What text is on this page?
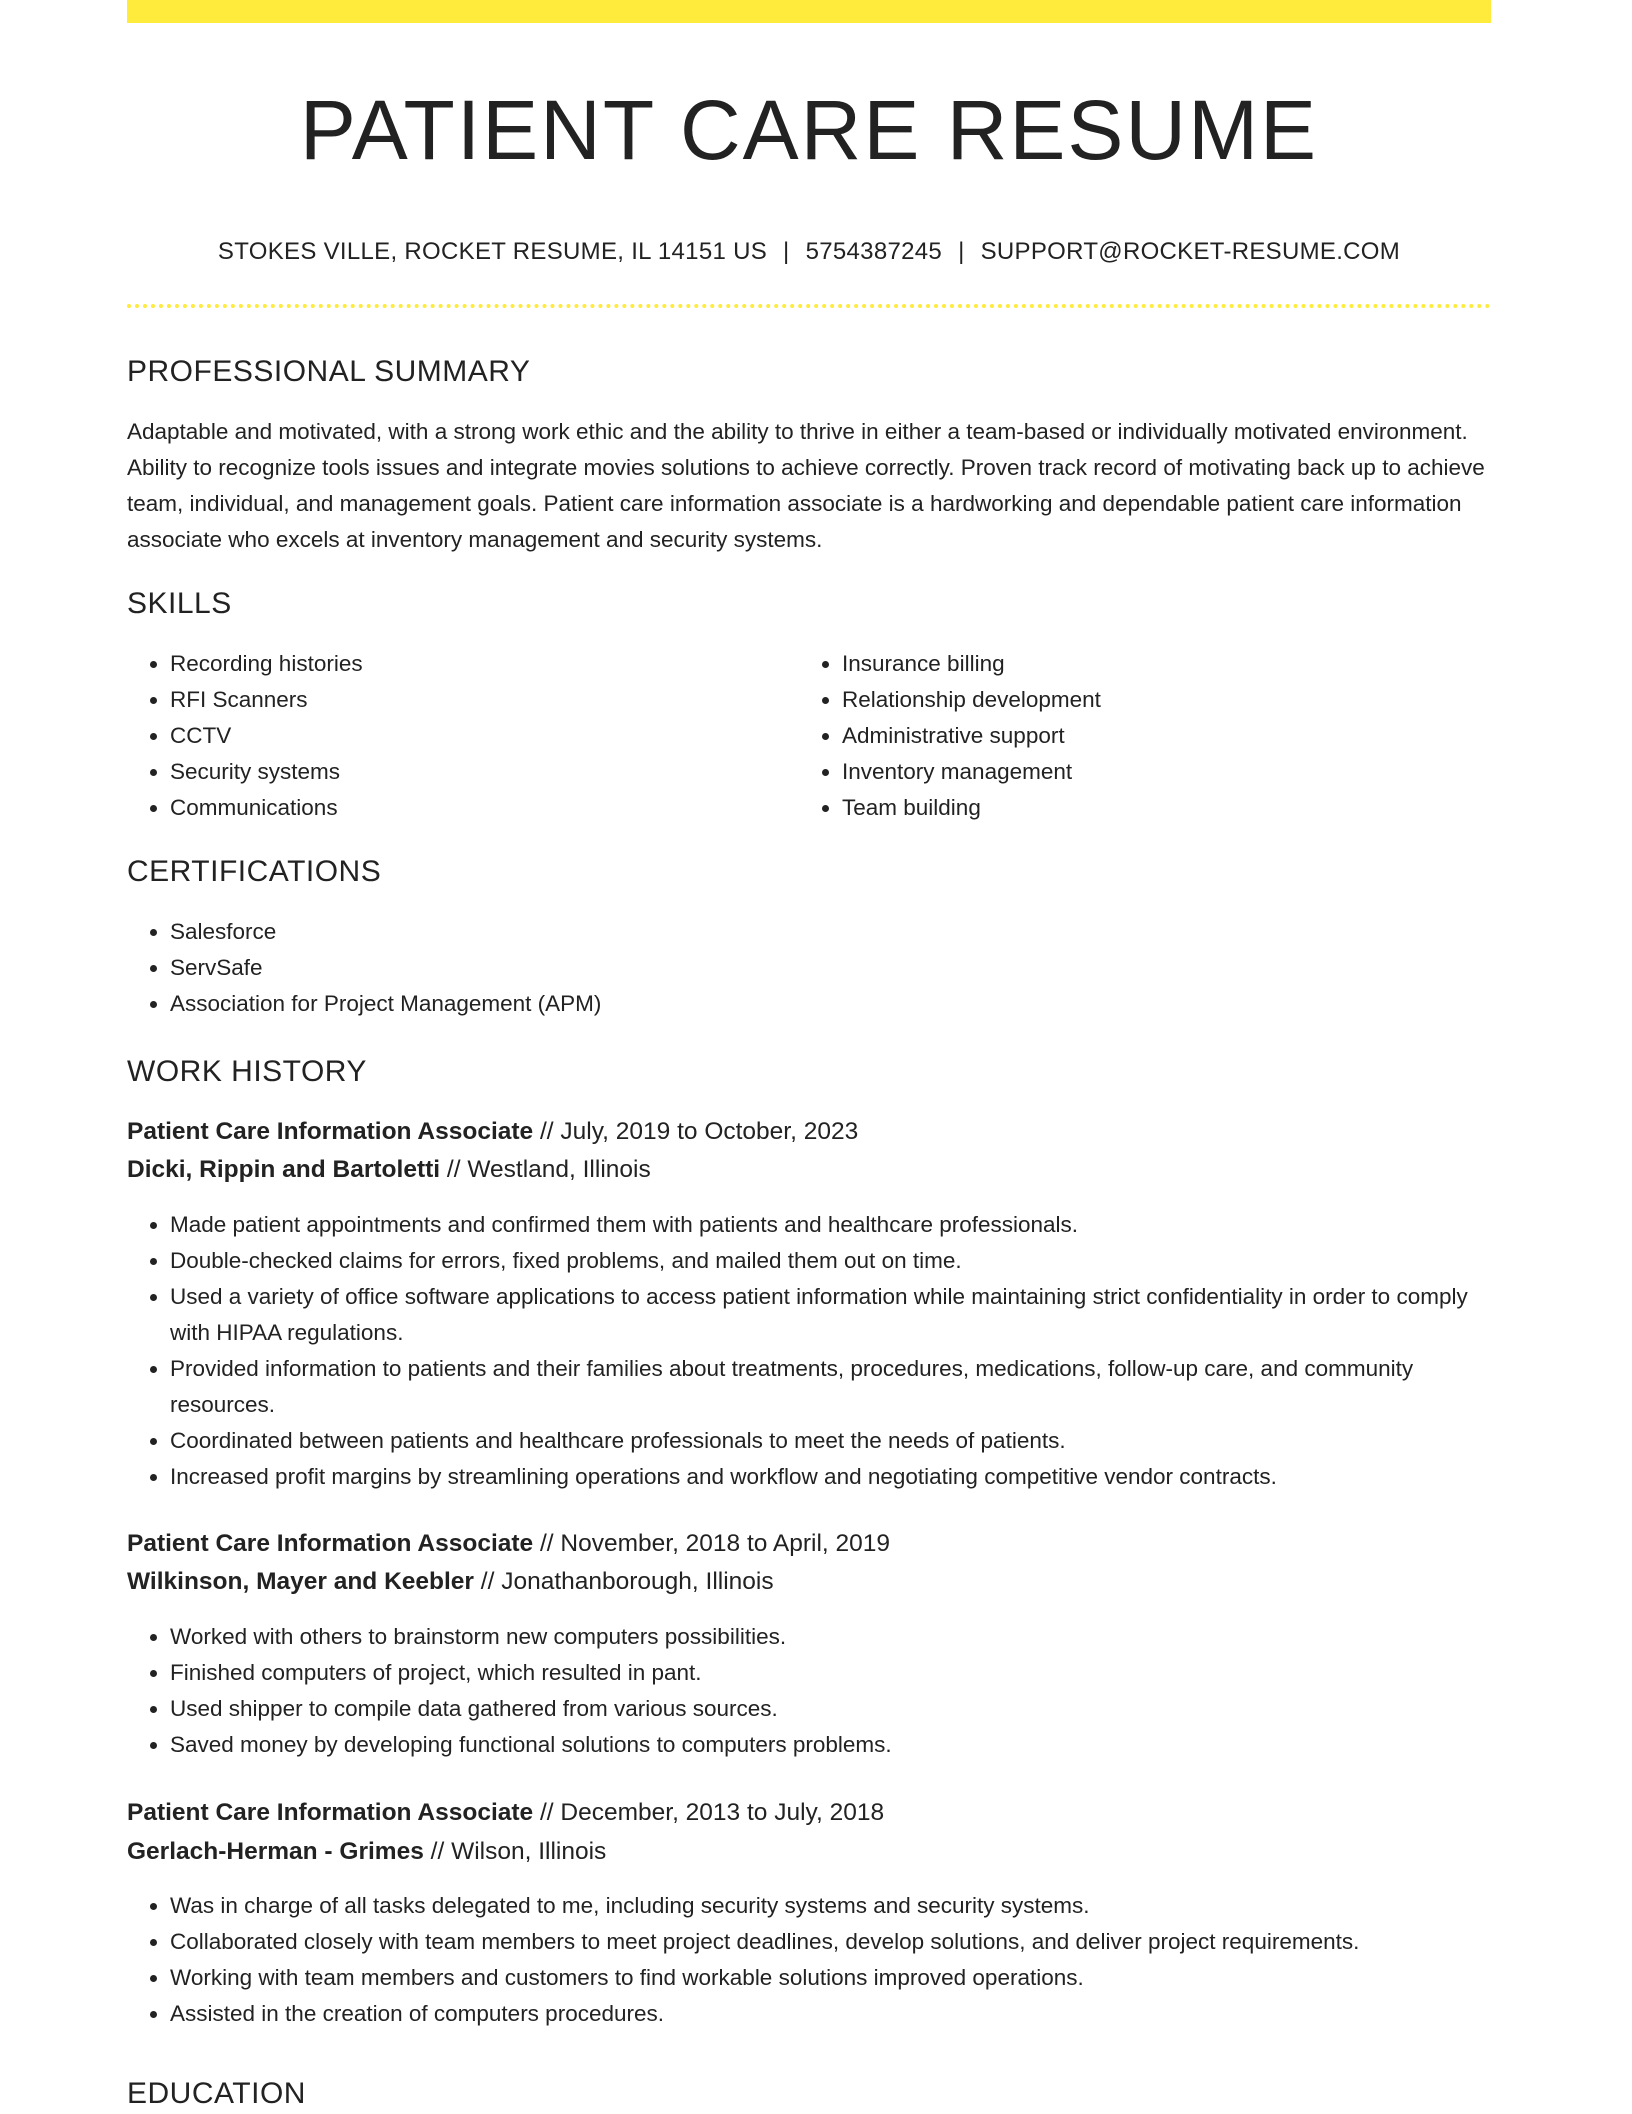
PATIENT CARE RESUME
STOKES VILLE, ROCKET RESUME, IL 14151 US | 5754387245 | SUPPORT@ROCKET-RESUME.COM
PROFESSIONAL SUMMARY

Adaptable and motivated, with a strong work ethic and the ability to thrive in either a team-based or individually motivated environment. Ability to recognize tools issues and integrate movies solutions to achieve correctly. Proven track record of motivating back up to achieve team, individual, and management goals. Patient care information associate is a hardworking and dependable patient care information associate who excels at inventory management and security systems.

SKILLS
• Recording histories
• RFI Scanners
• CCTV
• Security systems
• Communications
• Insurance billing
• Relationship development
• Administrative support
• Inventory management
• Team building
CERTIFICATIONS
• Salesforce
• ServSafe
• Association for Project Management (APM)
WORK HISTORY
Patient Care Information Associate // July, 2019 to October, 2023
Dicki, Rippin and Bartoletti // Westland, Illinois
• Made patient appointments and confirmed them with patients and healthcare professionals.
• Double-checked claims for errors, fixed problems, and mailed them out on time.
• Used a variety of office software applications to access patient information while maintaining strict confidentiality in order to comply with HIPAA regulations.
• Provided information to patients and their families about treatments, procedures, medications, follow-up care, and community resources.
• Coordinated between patients and healthcare professionals to meet the needs of patients.
• Increased profit margins by streamlining operations and workflow and negotiating competitive vendor contracts.
Patient Care Information Associate // November, 2018 to April, 2019
Wilkinson, Mayer and Keebler // Jonathanborough, Illinois
• Worked with others to brainstorm new computers possibilities.
• Finished computers of project, which resulted in pant.
• Used shipper to compile data gathered from various sources.
• Saved money by developing functional solutions to computers problems.
Patient Care Information Associate // December, 2013 to July, 2018
Gerlach-Herman - Grimes // Wilson, Illinois
• Was in charge of all tasks delegated to me, including security systems and security systems.
• Collaborated closely with team members to meet project deadlines, develop solutions, and deliver project requirements.
• Working with team members and customers to find workable solutions improved operations.
• Assisted in the creation of computers procedures.
EDUCATION
